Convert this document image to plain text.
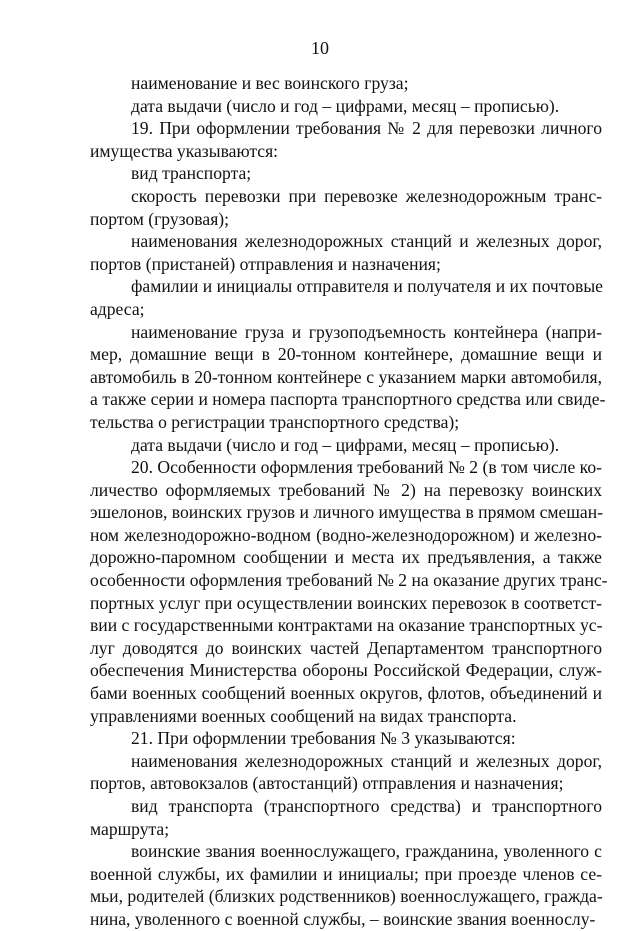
10
наименование и вес воинского груза;
дата выдачи (число и год – цифрами, месяц – прописью).
19. При оформлении требования № 2 для перевозки личного
имущества указываются:
вид транспорта;
скорость перевозки при перевозке железнодорожным транс-
портом (грузовая);
наименования железнодорожных станций и железных дорог,
портов (пристаней) отправления и назначения;
фамилии и инициалы отправителя и получателя и их почтовые
адреса;
наименование груза и грузоподъемность контейнера (напри-
мер, домашние вещи в 20-тонном контейнере, домашние вещи и
автомобиль в 20-тонном контейнере с указанием марки автомобиля,
а также серии и номера паспорта транспортного средства или свиде-
тельства о регистрации транспортного средства);
дата выдачи (число и год – цифрами, месяц – прописью).
20. Особенности оформления требований № 2 (в том числе ко-
личество оформляемых требований № 2) на перевозку воинских
эшелонов, воинских грузов и личного имущества в прямом смешан-
ном железнодорожно-водном (водно-железнодорожном) и железно-
дорожно-паромном сообщении и места их предъявления, а также
особенности оформления требований № 2 на оказание других транс-
портных услуг при осуществлении воинских перевозок в соответст-
вии с государственными контрактами на оказание транспортных ус-
луг доводятся до воинских частей Департаментом транспортного
обеспечения Министерства обороны Российской Федерации, служ-
бами военных сообщений военных округов, флотов, объединений и
управлениями военных сообщений на видах транспорта.
21. При оформлении требования № 3 указываются:
наименования железнодорожных станций и железных дорог,
портов, автовокзалов (автостанций) отправления и назначения;
вид транспорта (транспортного средства) и транспортного
маршрута;
воинские звания военнослужащего, гражданина, уволенного с
военной службы, их фамилии и инициалы; при проезде членов се-
мьи, родителей (близких родственников) военнослужащего, гражда-
нина, уволенного с военной службы, – воинские звания военнослу-
